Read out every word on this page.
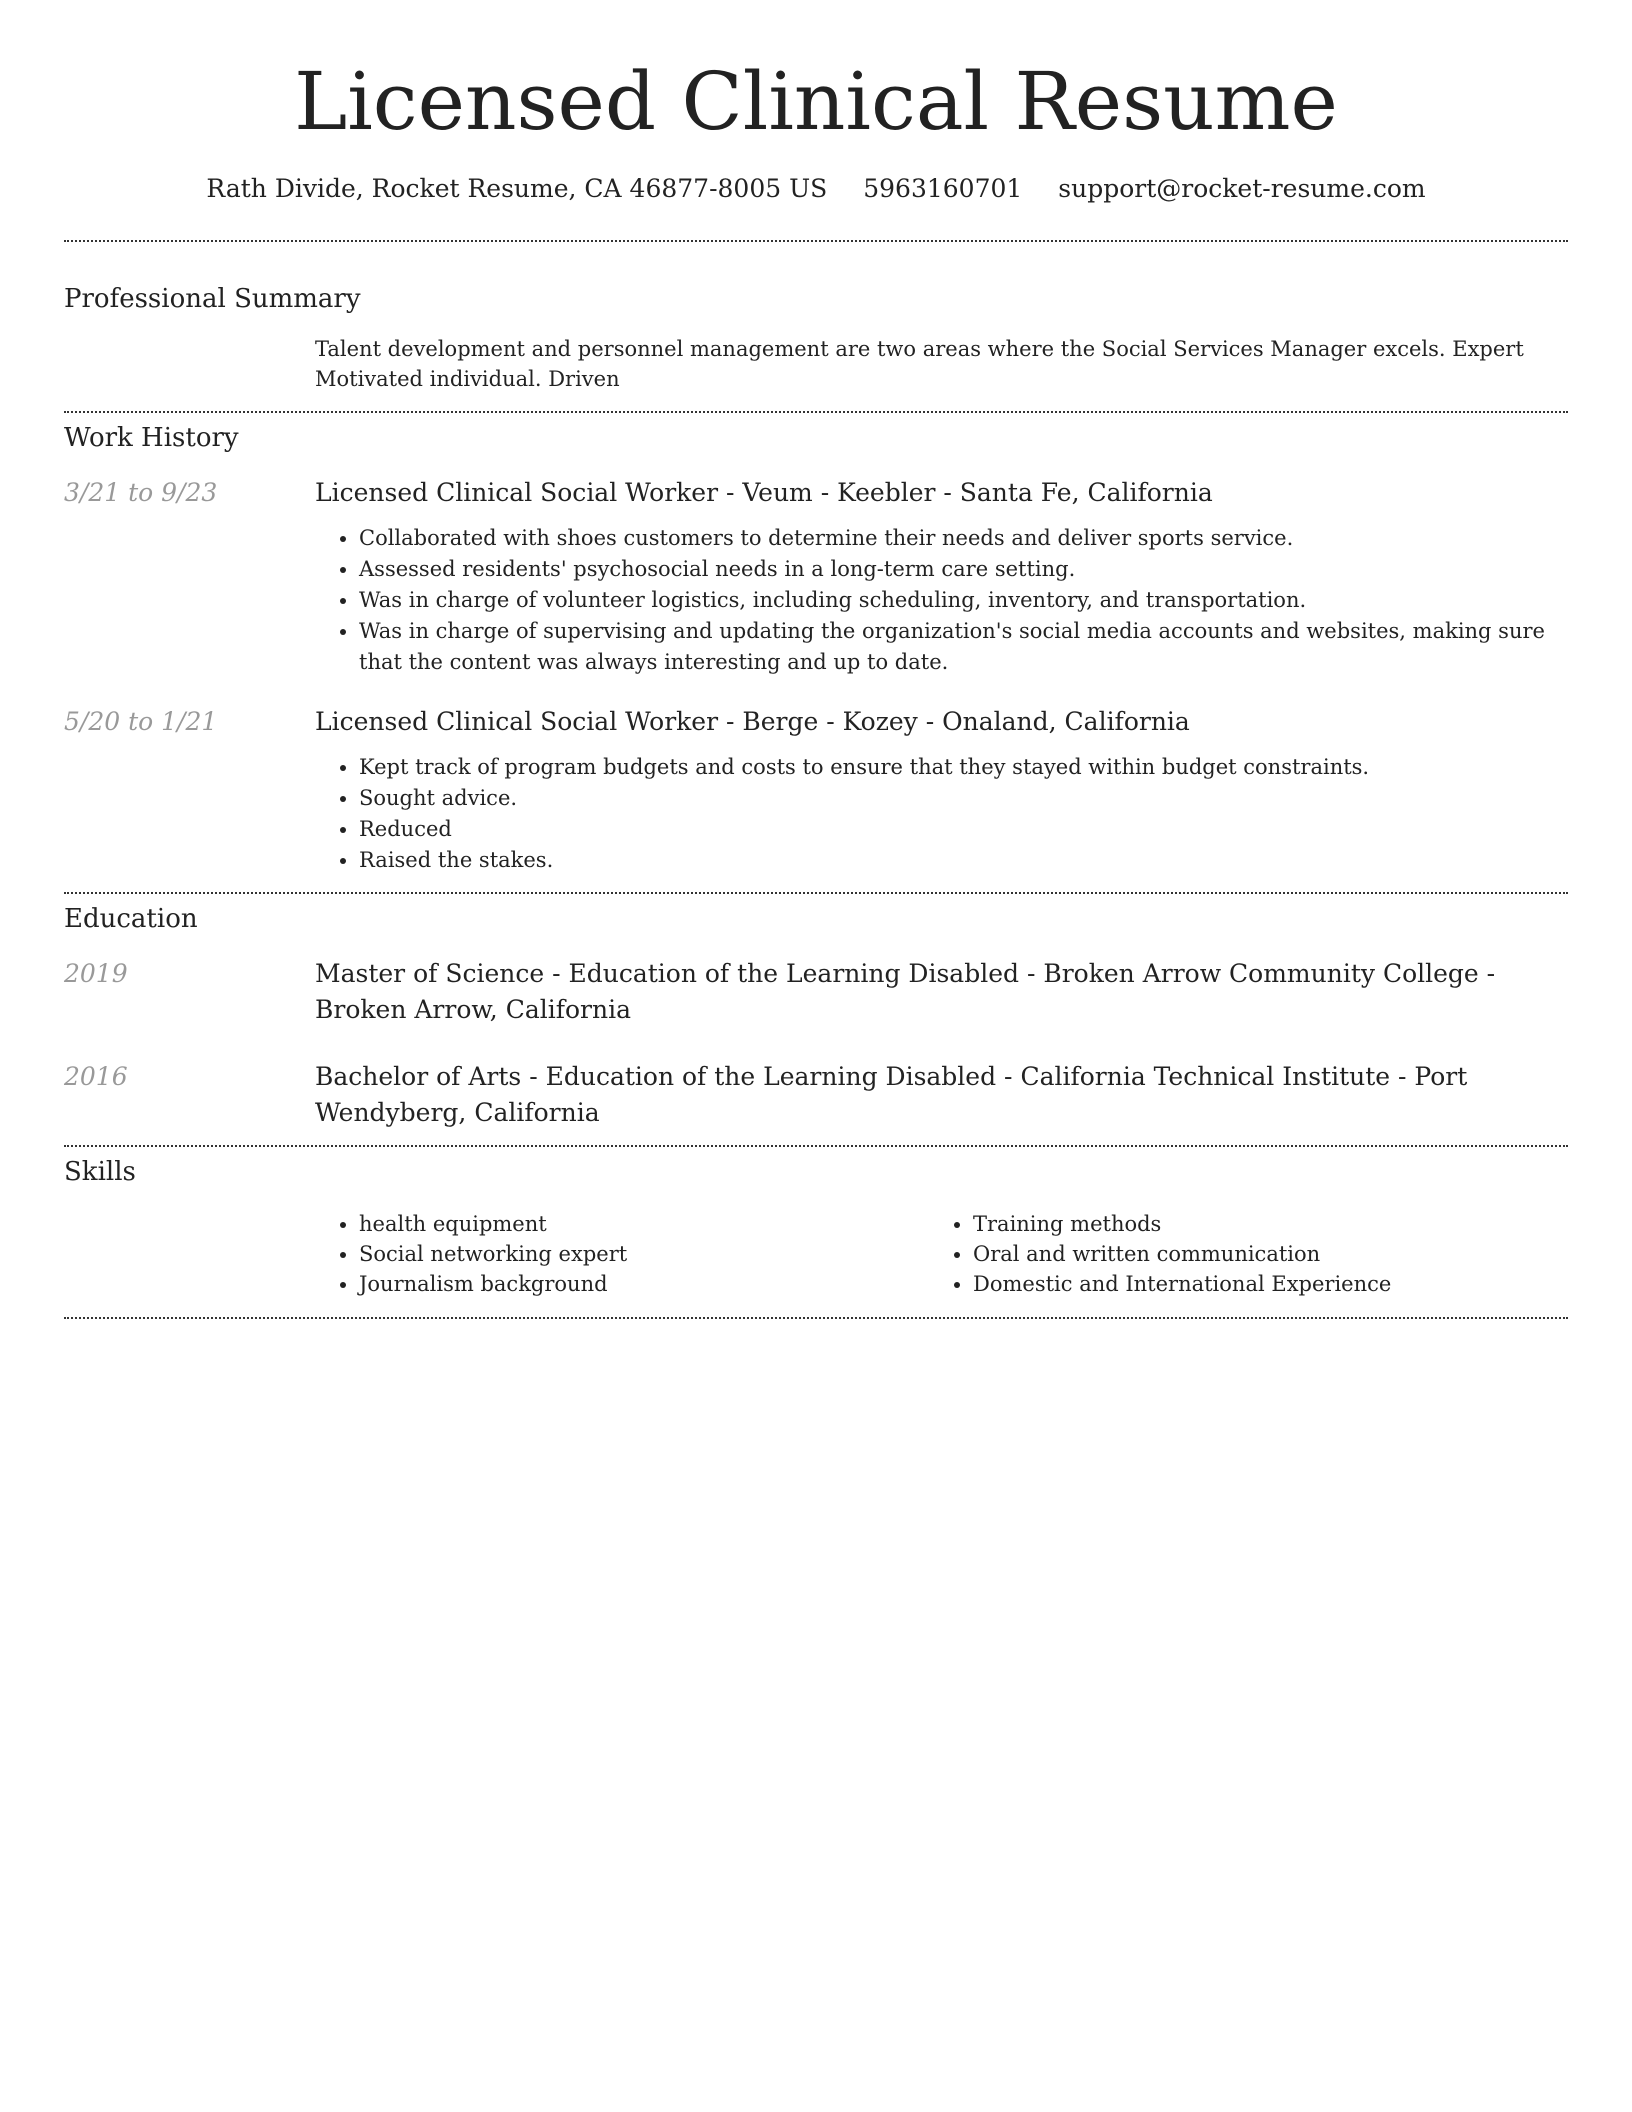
Licensed Clinical Resume
Rath Divide, Rocket Resume, CA 46877-8005 US 5963160701 support@rocket-resume.com
Professional Summary
Talent development and personnel management are two areas where the Social Services Manager excels. Expert Motivated individual. Driven
Work History
3/21 to 9/23	Licensed Clinical Social Worker - Veum - Keebler - Santa Fe, California
• Collaborated with shoes customers to determine their needs and deliver sports service.
• Assessed residents' psychosocial needs in a long-term care setting.
• Was in charge of volunteer logistics, including scheduling, inventory, and transportation.
• Was in charge of supervising and updating the organization's social media accounts and websites, making sure that the content was always interesting and up to date.
5/20 to 1/21	Licensed Clinical Social Worker - Berge - Kozey - Onaland, California
• Kept track of program budgets and costs to ensure that they stayed within budget constraints.
• Sought advice.
• Reduced
• Raised the stakes.
Education
2019	Master of Science - Education of the Learning Disabled - Broken Arrow Community College - Broken Arrow, California
2016	Bachelor of Arts - Education of the Learning Disabled - California Technical Institute - Port Wendyberg, California
Skills
• health equipment
• Social networking expert
• Journalism background
• Training methods
• Oral and written communication
• Domestic and International Experience
